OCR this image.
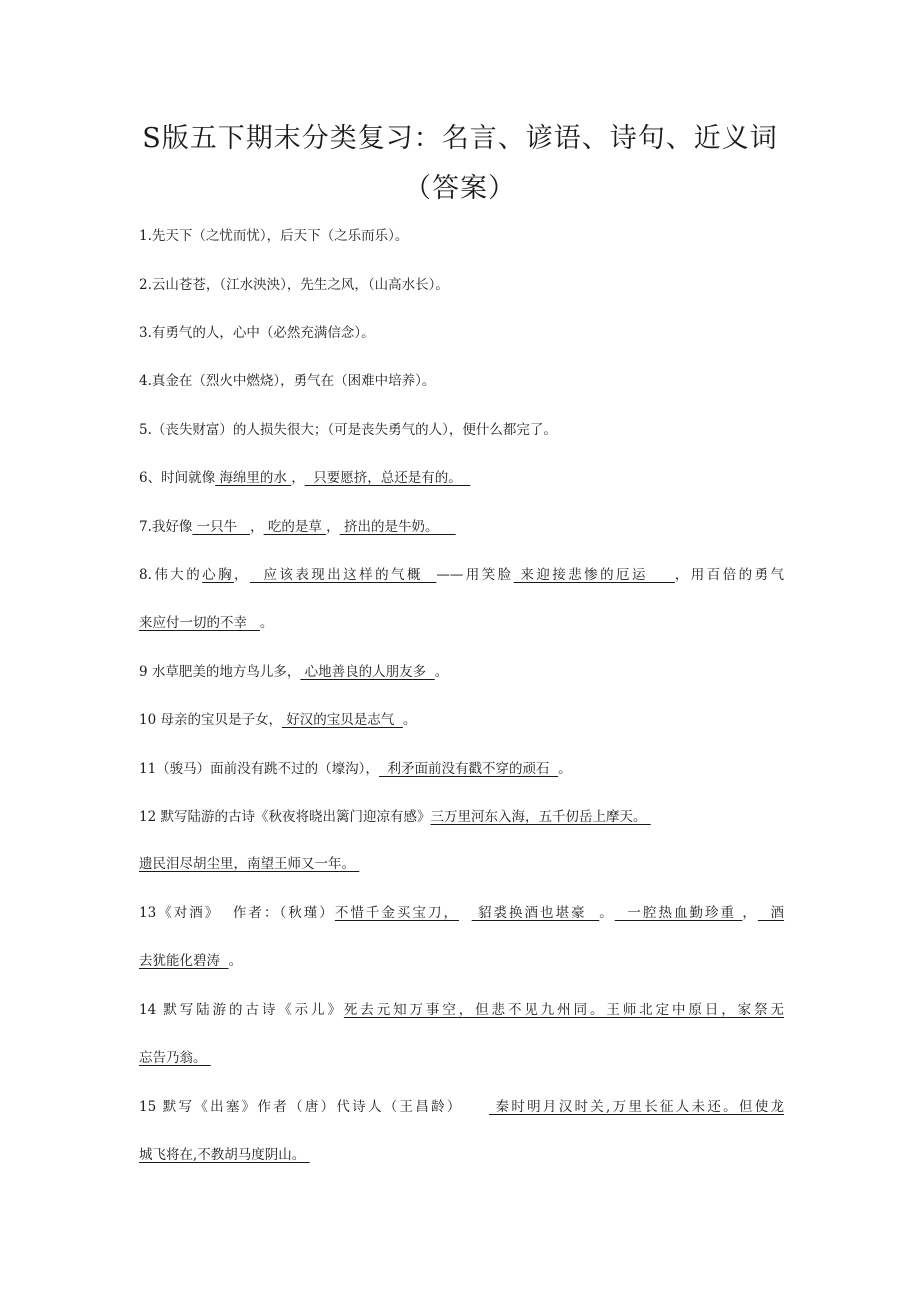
S版五下期末分类复习：名言、谚语、诗句、近义词
（答案）
1.先天下（之忧而忧），后天下（之乐而乐）。
2.云山苍苍，（江水泱泱），先生之风，（山高水长）。
3.有勇气的人，心中（必然充满信念）。
4.真金在（烈火中燃烧），勇气在（困难中培养）。
5.（丧失财富）的人损失很大；（可是丧失勇气的人），便什么都完了。
6、时间就像 海绵里的水 ，  只要愿挤，总还是有的。
7.我好像 一只牛   ， 吃的是草 ， 挤出的是牛奶。
8.伟大的心胸，  应该表现出这样的气概  ——用笑脸 来迎接悲惨的厄运    ，用百倍的勇气
来应付一切的不幸   。
9 水草肥美的地方鸟儿多， 心地善良的人朋友多  。
10 母亲的宝贝是子女， 好汉的宝贝是志气  。
11（骏马）面前没有跳不过的（壕沟），  利矛面前没有戳不穿的顽石  。
12 默写陆游的古诗《秋夜将晓出篱门迎凉有感》三万里河东入海，五千仞岳上摩天。
遗民泪尽胡尘里，南望王师又一年。
13《对酒》  作者：（秋瑾）不惜千金买宝刀，   貂裘换酒也堪豪  。  一腔热血勤珍重 ，  酒
去犹能化碧涛  。
14 默写陆游的古诗《示儿》死去元知万事空，但悲不见九州同。王师北定中原日，家祭无
忘告乃翁。
15 默写《出塞》作者（唐）代诗人（王昌龄）     秦时明月汉时关,万里长征人未还。但使龙
城飞将在,不教胡马度阴山。
